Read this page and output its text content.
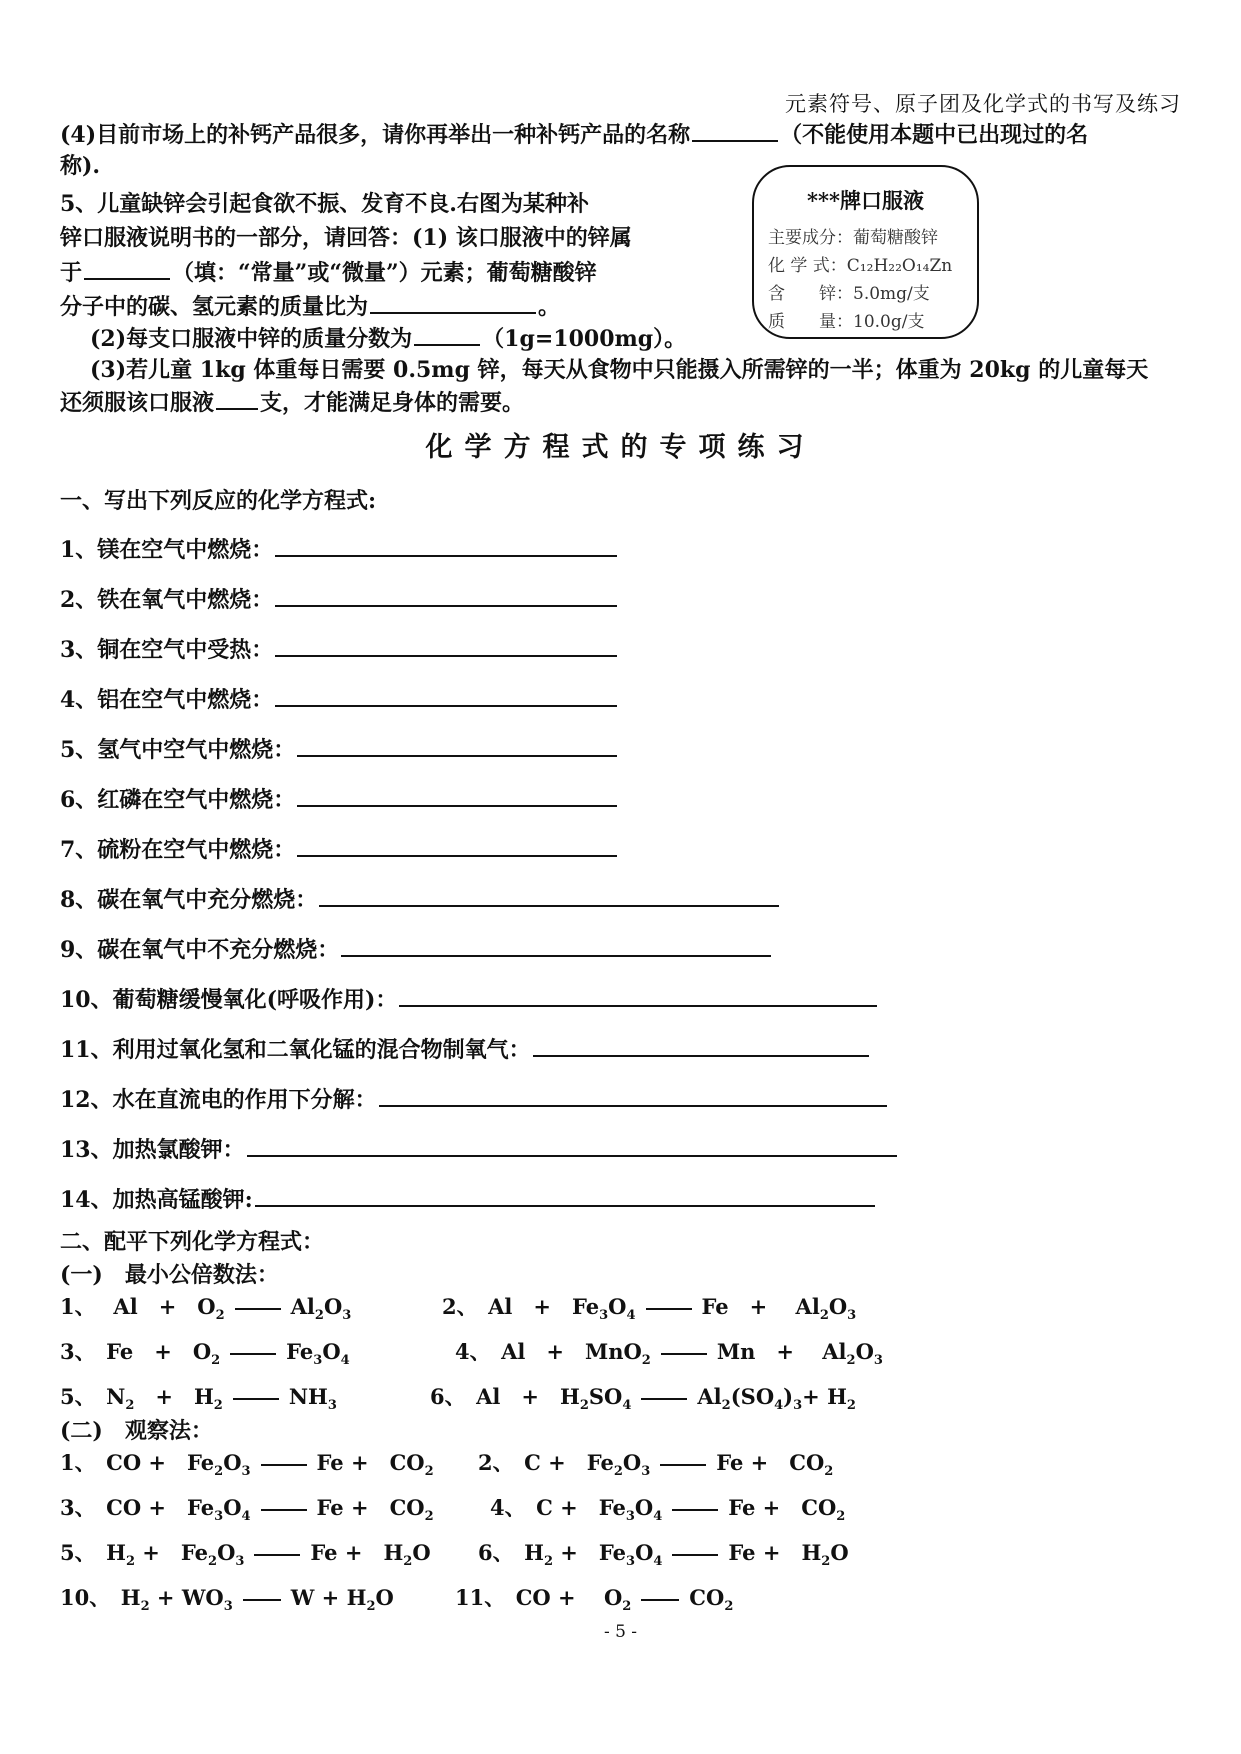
元素符号、原子团及化学式的书写及练习
(4)目前市场上的补钙产品很多，请你再举出一种补钙产品的名称	（不能使用本题中已出现过的名
称).
5、儿童缺锌会引起食欲不振、发育不良.右图为某种补
锌口服液说明书的一部分，请回答：(1) 该口服液中的锌属
于	（填：“常量”或“微量”）元素；葡萄糖酸锌
分子中的碳、氢元素的质量比为	。
(2)每支口服液中锌的质量分数为	（1g=1000mg）。
(3)若儿童 1kg 体重每日需要 0.5mg 锌，每天从食物中只能摄入所需锌的一半；体重为 20kg 的儿童每天
还须服该口服液 支，才能满足身体的需要。
***牌口服液
主要成分：葡萄糖酸锌
化 学 式：C₁₂H₂₂O₁₄Zn
含　　锌：5.0mg/支
质　　量：10.0g/支
化学方程式的专项练习
一、写出下列反应的化学方程式:
1、镁在空气中燃烧：
2、铁在氧气中燃烧：
3、铜在空气中受热：
4、铝在空气中燃烧：
5、氢气中空气中燃烧：
6、红磷在空气中燃烧：
7、硫粉在空气中燃烧：
8、碳在氧气中充分燃烧：
9、碳在氧气中不充分燃烧：
10、葡萄糖缓慢氧化(呼吸作用)：
11、利用过氧化氢和二氧化锰的混合物制氧气：
12、水在直流电的作用下分解：
13、加热氯酸钾：
14、加热高锰酸钾:
二、配平下列化学方程式：
(一)　最小公倍数法：
1、　 Al　+　$O_2$	$Al_2O_3$	2、　Al　+　$Fe_3O_4$	Fe　+　 $Al_2O_3$
3、　Fe　+　$O_2$	$Fe_3O_4$	4、　Al　+　MnO$_2$	Mn　+　 $Al_2O_3$
5、　$N_2$　+　$H_2$	$NH_3$	6、　Al　+　$H_2SO_4$	$Al_2(SO_4)_3+ H_2$
(二)　观察法：
1、　CO +　$Fe_2O_3$	Fe +　$CO_2$ 2、　C +　$Fe_2O_3$	Fe +　$CO_2$
3、　CO +　$Fe_3O_4$	Fe +　$CO_2$	4、　C +　$Fe_3O_4$	Fe +　$CO_2$
5、　$H_2$ +　$Fe_2O_3$	Fe +　$H_2O$ 6、　$H_2$ +　$Fe_3O_4$	Fe +　$H_2O$
10、　$H_2 + WO_3$	$W + H_2O$	11、　CO +　 $O_2$	$CO_2$
- 5 -
